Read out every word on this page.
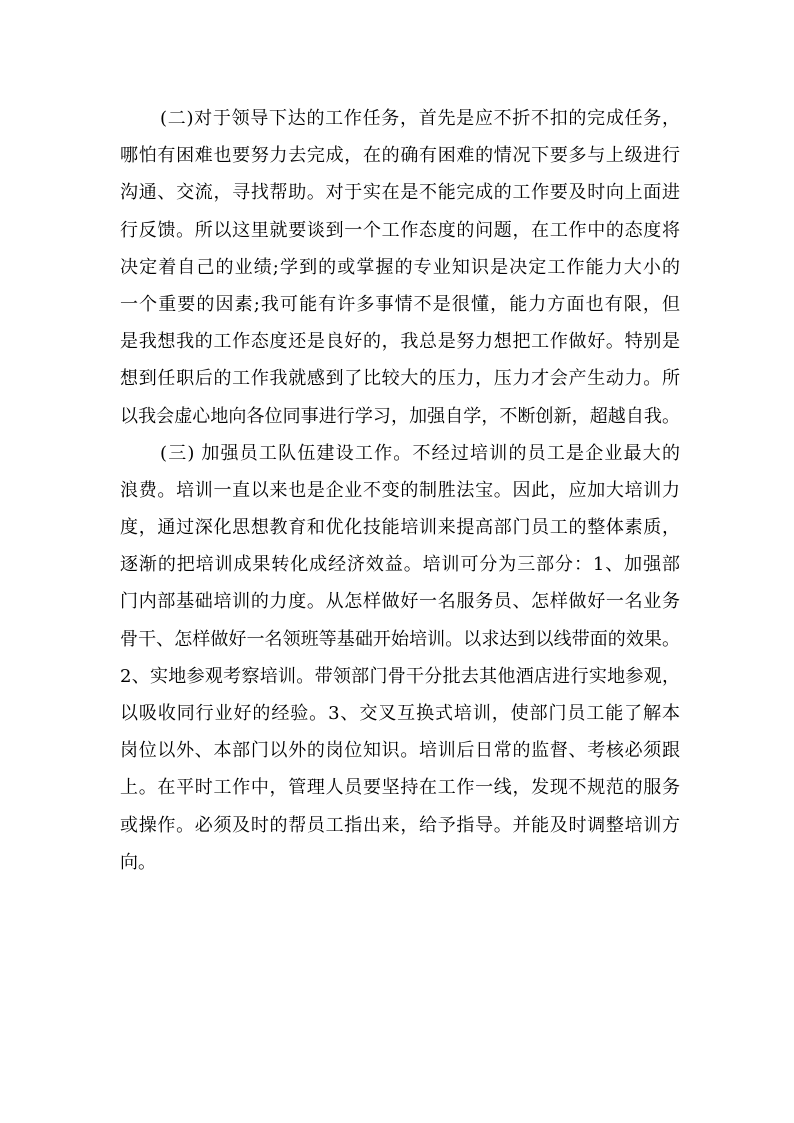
(二)对于领导下达的工作任务，首先是应不折不扣的完成任务，
哪怕有困难也要努力去完成，在的确有困难的情况下要多与上级进行
沟通、交流，寻找帮助。对于实在是不能完成的工作要及时向上面进
行反馈。所以这里就要谈到一个工作态度的问题，在工作中的态度将
决定着自己的业绩;学到的或掌握的专业知识是决定工作能力大小的
一个重要的因素;我可能有许多事情不是很懂，能力方面也有限，但
是我想我的工作态度还是良好的，我总是努力想把工作做好。特别是
想到任职后的工作我就感到了比较大的压力，压力才会产生动力。所
以我会虚心地向各位同事进行学习，加强自学，不断创新，超越自我。
(三) 加强员工队伍建设工作。不经过培训的员工是企业最大的
浪费。培训一直以来也是企业不变的制胜法宝。因此，应加大培训力
度，通过深化思想教育和优化技能培训来提高部门员工的整体素质，
逐渐的把培训成果转化成经济效益。培训可分为三部分：1、加强部
门内部基础培训的力度。从怎样做好一名服务员、怎样做好一名业务
骨干、怎样做好一名领班等基础开始培训。以求达到以线带面的效果。
2、实地参观考察培训。带领部门骨干分批去其他酒店进行实地参观，
以吸收同行业好的经验。3、交叉互换式培训，使部门员工能了解本
岗位以外、本部门以外的岗位知识。培训后日常的监督、考核必须跟
上。在平时工作中，管理人员要坚持在工作一线，发现不规范的服务
或操作。必须及时的帮员工指出来，给予指导。并能及时调整培训方
向。
